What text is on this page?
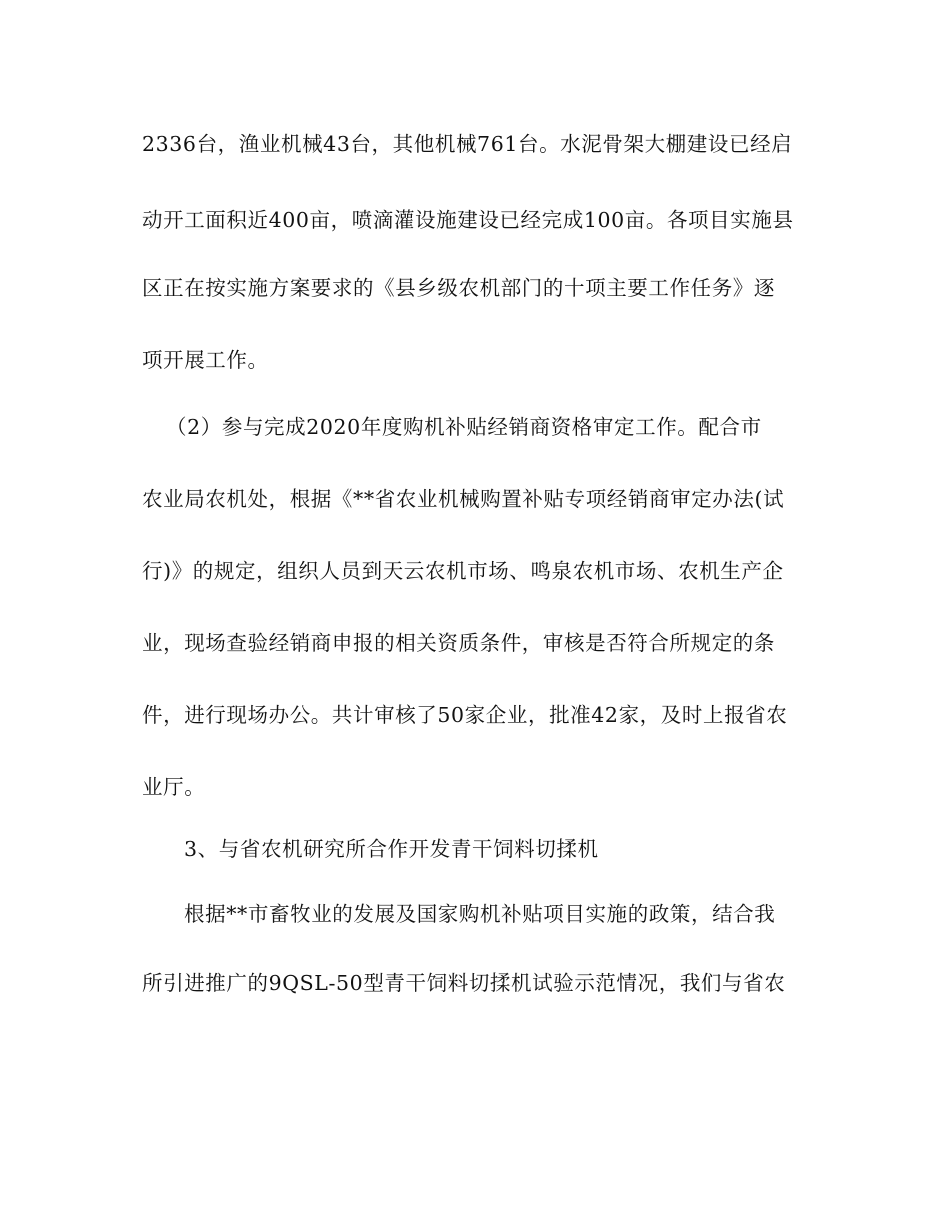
2336台，渔业机械43台，其他机械761台。水泥骨架大棚建设已经启
动开工面积近400亩，喷滴灌设施建设已经完成100亩。各项目实施县
区正在按实施方案要求的《县乡级农机部门的十项主要工作任务》逐
项开展工作。
（2）参与完成2020年度购机补贴经销商资格审定工作。配合市
农业局农机处，根据《**省农业机械购置补贴专项经销商审定办法(试
行)》的规定，组织人员到天云农机市场、鸣泉农机市场、农机生产企
业，现场查验经销商申报的相关资质条件，审核是否符合所规定的条
件，进行现场办公。共计审核了50家企业，批准42家，及时上报省农
业厅。
3、与省农机研究所合作开发青干饲料切揉机
根据**市畜牧业的发展及国家购机补贴项目实施的政策，结合我
所引进推广的9QSL-50型青干饲料切揉机试验示范情况，我们与省农
